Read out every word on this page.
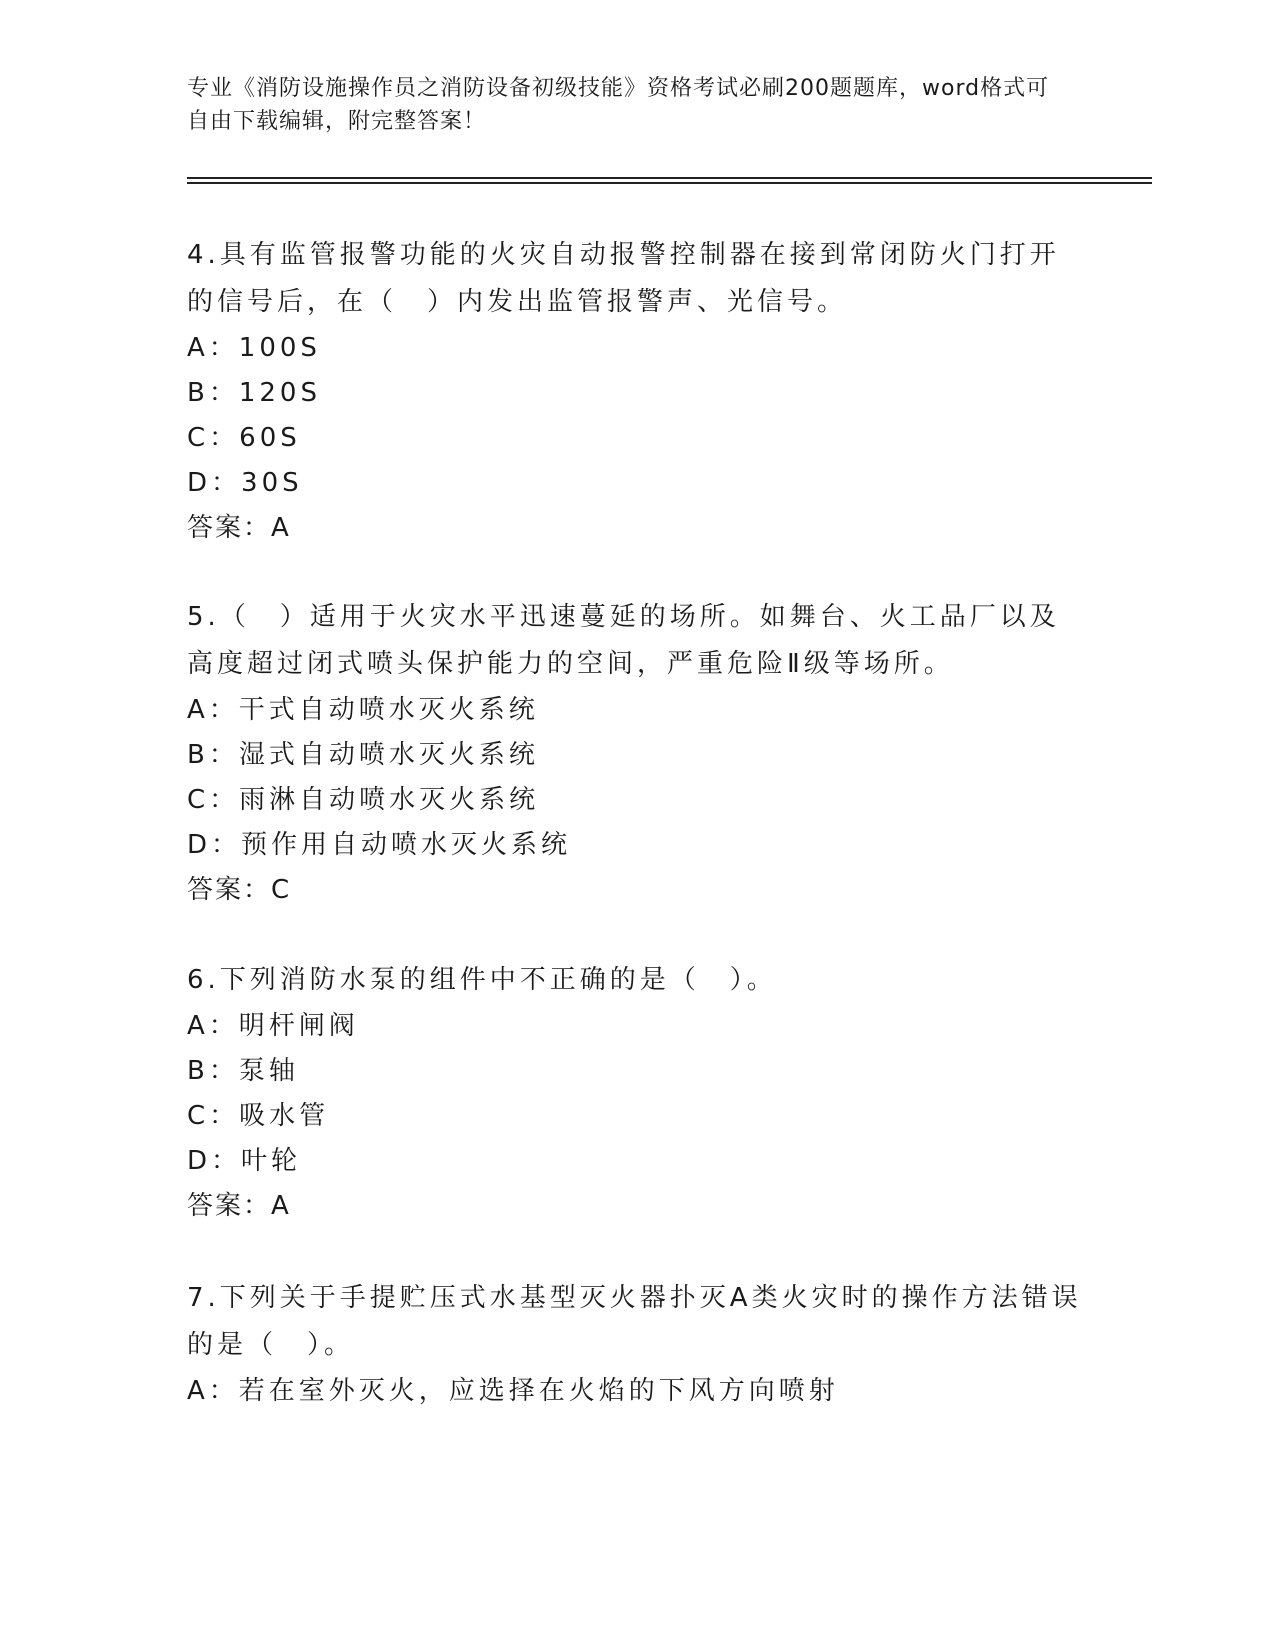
专业《消防设施操作员之消防设备初级技能》资格考试必刷200题题库，word格式可自由下载编辑，附完整答案！

4.具有监管报警功能的火灾自动报警控制器在接到常闭防火门打开的信号后，在（　）内发出监管报警声、光信号。

A：100S

B：120S

C：60S

D：30S

答案：A

5.（　）适用于火灾水平迅速蔓延的场所。如舞台、火工品厂以及高度超过闭式喷头保护能力的空间，严重危险Ⅱ级等场所。

A：干式自动喷水灭火系统

B：湿式自动喷水灭火系统

C：雨淋自动喷水灭火系统

D：预作用自动喷水灭火系统

答案：C

6.下列消防水泵的组件中不正确的是（　）。

A：明杆闸阀

B：泵轴

C：吸水管

D：叶轮

答案：A

7.下列关于手提贮压式水基型灭火器扑灭A类火灾时的操作方法错误的是（　）。

A：若在室外灭火，应选择在火焰的下风方向喷射
